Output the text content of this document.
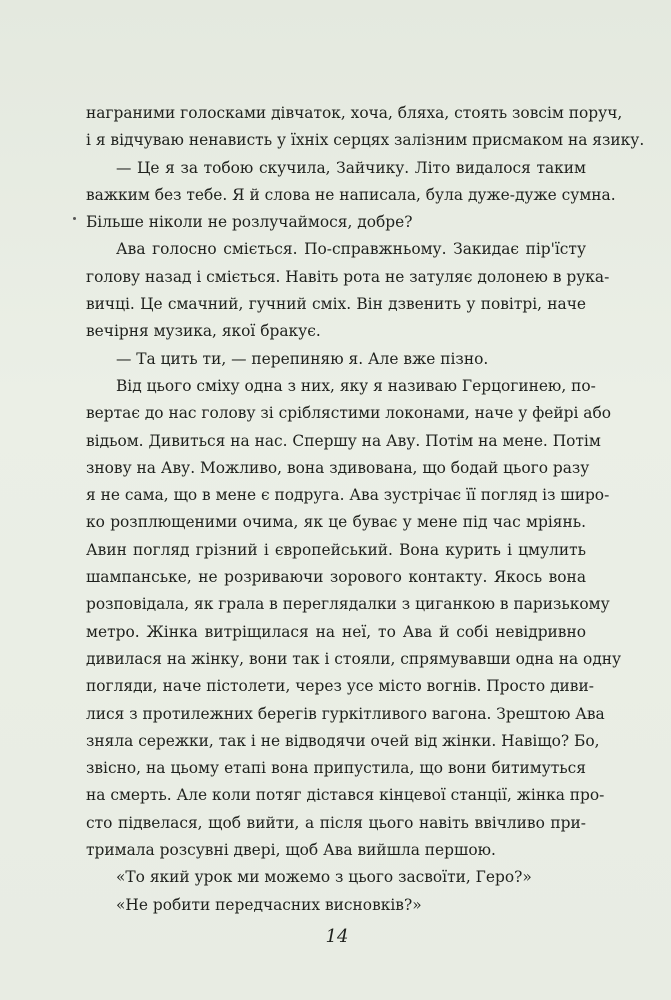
награними голосками дівчаток, хоча, бляха, стоять зовсім поруч,
і я відчуваю ненависть у їхніх серцях залізним присмаком на язику.
— Це я за тобою скучила, Зайчику. Літо видалося таким
важким без тебе. Я й слова не написала, була дуже-дуже сумна.
Більше ніколи не розлучаймося, добре?
Ава голосно сміється. По-справжньому. Закидає пір'їсту
голову назад і сміється. Навіть рота не затуляє долонею в рука-
вичці. Це смачний, гучний сміх. Він дзвенить у повітрі, наче
вечірня музика, якої бракує.
— Та цить ти, — перепиняю я. Але вже пізно.
Від цього сміху одна з них, яку я називаю Герцогинею, по-
вертає до нас голову зі сріблястими локонами, наче у фейрі або
відьом. Дивиться на нас. Спершу на Аву. Потім на мене. Потім
знову на Аву. Можливо, вона здивована, що бодай цього разу
я не сама, що в мене є подруга. Ава зустрічає її погляд із широ-
ко розплющеними очима, як це буває у мене під час мріянь.
Авин погляд грізний і європейський. Вона курить і цмулить
шампанське, не розриваючи зорового контакту. Якось вона
розповідала, як грала в переглядалки з циганкою в паризькому
метро. Жінка витріщилася на неї, то Ава й собі невідривно
дивилася на жінку, вони так і стояли, спрямувавши одна на одну
погляди, наче пістолети, через усе місто вогнів. Просто диви-
лися з протилежних берегів гуркітливого вагона. Зрештою Ава
зняла сережки, так і не відводячи очей від жінки. Навіщо? Бо,
звісно, на цьому етапі вона припустила, що вони битимуться
на смерть. Але коли потяг дістався кінцевої станції, жінка про-
сто підвелася, щоб вийти, а після цього навіть ввічливо при-
тримала розсувні двері, щоб Ава вийшла першою.
«То який урок ми можемо з цього засвоїти, Геро?»
«Не робити передчасних висновків?»
14
